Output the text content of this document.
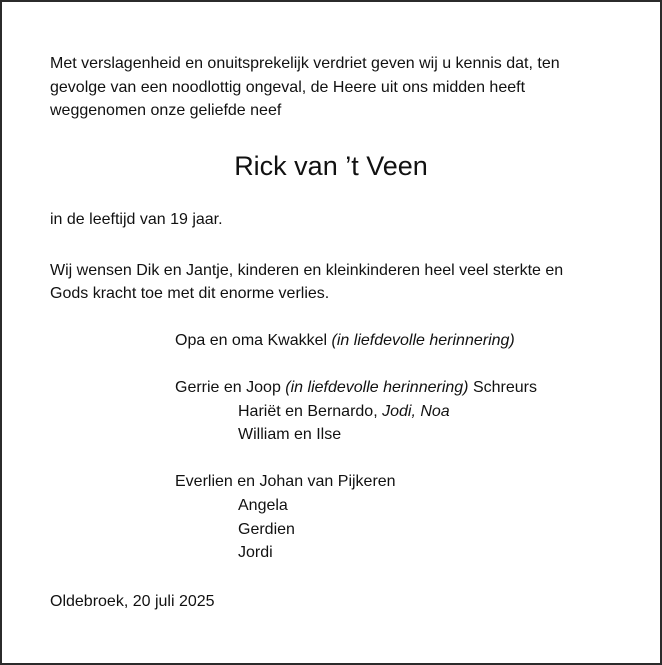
Met verslagenheid en onuitsprekelijk verdriet geven wij u kennis dat, ten

gevolge van een noodlottig ongeval, de Heere uit ons midden heeft

weggenomen onze geliefde neef

Rick van ’t Veen
in de leeftijd van 19 jaar.
Wij wensen Dik en Jantje, kinderen en kleinkinderen heel veel sterkte en
Gods kracht toe met dit enorme verlies.
Opa en oma Kwakkel (in liefdevolle herinnering)
Gerrie en Joop (in liefdevolle herinnering) Schreurs
Hariët en Bernardo, Jodi, Noa
William en Ilse
Everlien en Johan van Pijkeren
Angela
Gerdien
Jordi
Oldebroek, 20 juli 2025
